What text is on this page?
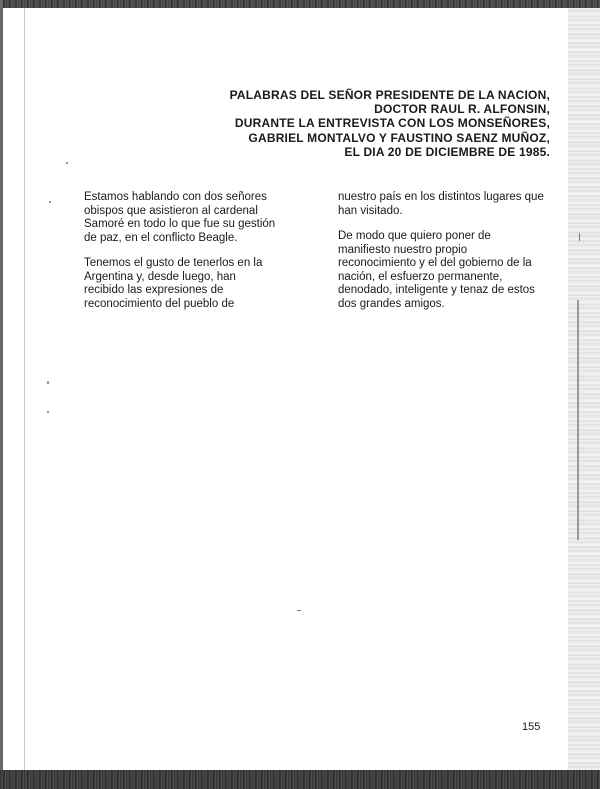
PALABRAS DEL SEÑOR PRESIDENTE DE LA NACION,
DOCTOR RAUL R. ALFONSIN,
DURANTE LA ENTREVISTA CON LOS MONSEÑORES,
GABRIEL MONTALVO Y FAUSTINO SAENZ MUÑOZ,
EL DIA 20 DE DICIEMBRE DE 1985.

Estamos hablando con dos señores
obispos que asistieron al cardenal
Samoré en todo lo que fue su gestión
de paz, en el conflicto Beagle.

Tenemos el gusto de tenerlos en la
Argentina y, desde luego, han
recibido las expresiones de
reconocimiento del pueblo de

nuestro país en los distintos lugares que
han visitado.

De modo que quiero poner de
manifiesto nuestro propio
reconocimiento y el del gobierno de la
nación, el esfuerzo permanente,
denodado, inteligente y tenaz de estos
dos grandes amigos.

155
